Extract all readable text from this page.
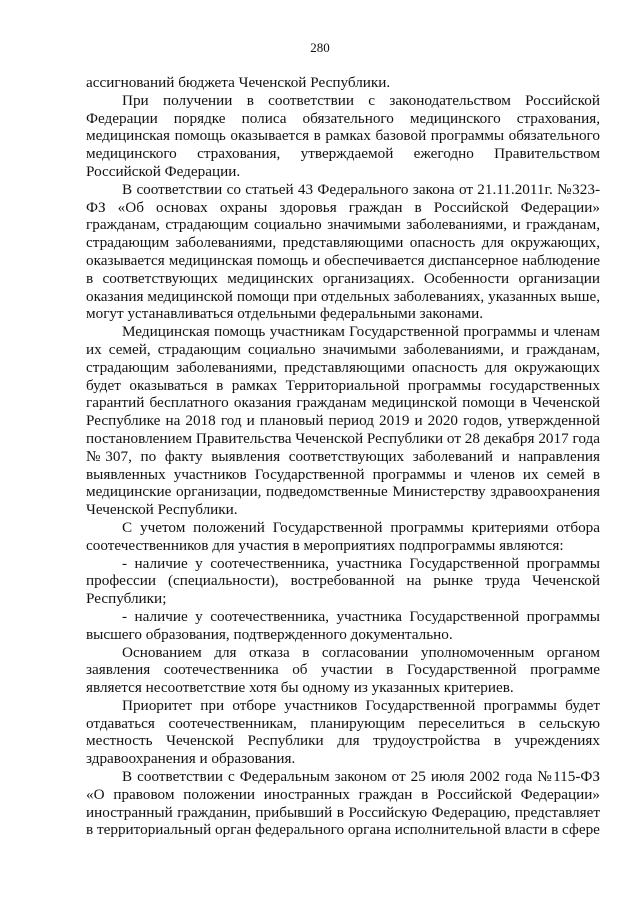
280

ассигнований бюджета Чеченской Республики.

При получении в соответствии с законодательством Российской Федерации порядке полиса обязательного медицинского страхования, медицинская помощь оказывается в рамках базовой программы обязательного медицинского страхования, утверждаемой ежегодно Правительством Российской Федерации.

В соответствии со статьей 43 Федерального закона от 21.11.2011г. №323-ФЗ «Об основах охраны здоровья граждан в Российской Федерации» гражданам, страдающим социально значимыми заболеваниями, и гражданам, страдающим заболеваниями, представляющими опасность для окружающих, оказывается медицинская помощь и обеспечивается диспансерное наблюдение в соответствующих медицинских организациях. Особенности организации оказания медицинской помощи при отдельных заболеваниях, указанных выше, могут устанавливаться отдельными федеральными законами.

Медицинская помощь участникам Государственной программы и членам их семей, страдающим социально значимыми заболеваниями, и гражданам, страдающим заболеваниями, представляющими опасность для окружающих будет оказываться в рамках Территориальной программы государственных гарантий бесплатного оказания гражданам медицинской помощи в Чеченской Республике на 2018 год и плановый период 2019 и 2020 годов, утвержденной постановлением Правительства Чеченской Республики от 28 декабря 2017 года №307, по факту выявления соответствующих заболеваний и направления выявленных участников Государственной программы и членов их семей в медицинские организации, подведомственные Министерству здравоохранения Чеченской Республики.

С учетом положений Государственной программы критериями отбора соотечественников для участия в мероприятиях подпрограммы являются:

- наличие у соотечественника, участника Государственной программы профессии (специальности), востребованной на рынке труда Чеченской Республики;

- наличие у соотечественника, участника Государственной программы высшего образования, подтвержденного документально.

Основанием для отказа в согласовании уполномоченным органом заявления соотечественника об участии в Государственной программе является несоответствие хотя бы одному из указанных критериев.

Приоритет при отборе участников Государственной программы будет отдаваться соотечественникам, планирующим переселиться в сельскую местность Чеченской Республики для трудоустройства в учреждениях здравоохранения и образования.

В соответствии с Федеральным законом от 25 июля 2002 года №115-ФЗ «О правовом положении иностранных граждан в Российской Федерации» иностранный гражданин, прибывший в Российскую Федерацию, представляет в территориальный орган федерального органа исполнительной власти в сфере
